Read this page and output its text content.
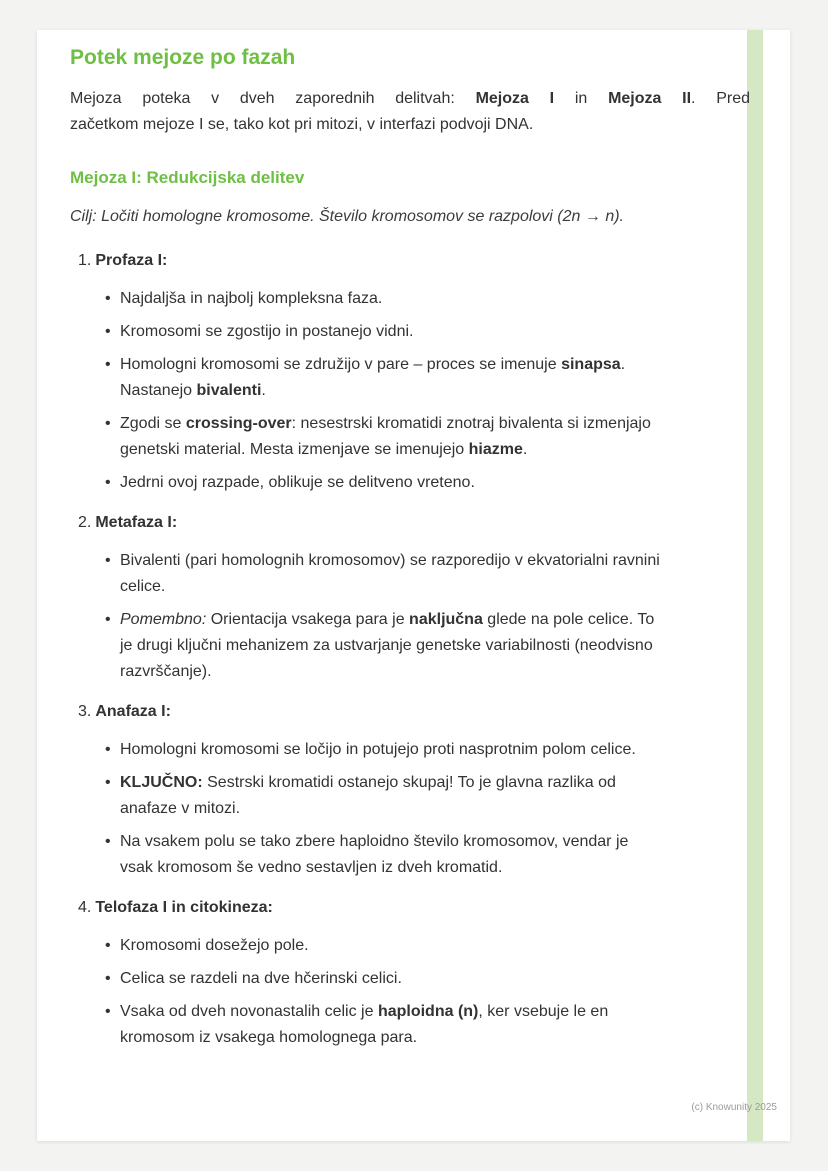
Potek mejoze po fazah

Mejoza poteka v dveh zaporednih delitvah: Mejoza I in Mejoza II. Pred
začetkom mejoze I se, tako kot pri mitozi, v interfazi podvoji DNA.

Mejoza I: Redukcijska delitev

Cilj: Ločiti homologne kromosome. Število kromosomov se razpolovi (2n → n).

1. Profaza I:
• Najdaljša in najbolj kompleksna faza.
• Kromosomi se zgostijo in postanejo vidni.
• Homologni kromosomi se združijo v pare – proces se imenuje sinapsa. Nastanejo bivalenti.
• Zgodi se crossing-over: nesestrski kromatidi znotraj bivalenta si izmenjajo genetski material. Mesta izmenjave se imenujejo hiazme.
• Jedrni ovoj razpade, oblikuje se delitveno vreteno.
2. Metafaza I:
• Bivalenti (pari homolognih kromosomov) se razporedijo v ekvatorialni ravnini celice.
• Pomembno: Orientacija vsakega para je naključna glede na pole celice. To je drugi ključni mehanizem za ustvarjanje genetske variabilnosti (neodvisno razvrščanje).
3. Anafaza I:
• Homologni kromosomi se ločijo in potujejo proti nasprotnim polom celice.
• KLJUČNO: Sestrski kromatidi ostanejo skupaj! To je glavna razlika od anafaze v mitozi.
• Na vsakem polu se tako zbere haploidno število kromosomov, vendar je vsak kromosom še vedno sestavljen iz dveh kromatid.
4. Telofaza I in citokineza:
• Kromosomi dosežejo pole.
• Celica se razdeli na dve hčerinski celici.
• Vsaka od dveh novonastalih celic je haploidna (n), ker vsebuje le en kromosom iz vsakega homolognega para.
(c) Knowunity 2025
